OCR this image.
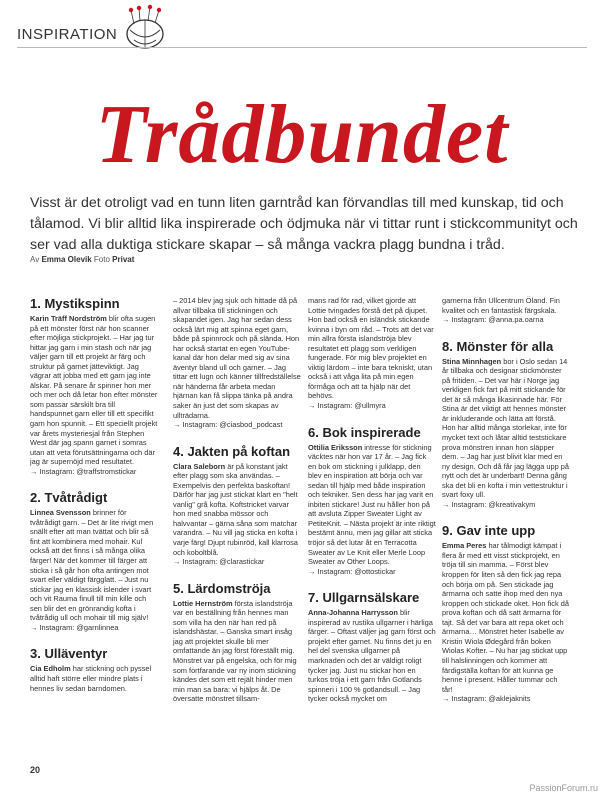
INSPIRATION
Trådbundet
Visst är det otroligt vad en tunn liten garntråd kan förvandlas till med kunskap, tid och tålamod. Vi blir alltid lika inspirerade och ödjmuka när vi tittar runt i stickcommunityt och ser vad alla duktiga stickare skapar – så många vackra plagg bundna i tråd.
Av Emma Olevik Foto Privat
1. Mystikspinn

Karin Träff Nordström blir ofta sugen på ett mönster först när hon scanner efter möjliga stickprojekt. – Har jag tur hittar jag garn i min stash och när jag väljer garn till ett projekt är färg och struktur på garnet jätteviktigt. Jag vägrar att jobba med ett garn jag inte älskar. På senare år spinner hon mer och mer och då letar hon efter mönster som passar särskilt bra till handspunnet garn eller till ett specifikt garn hon spunnit. – Ett speciellt projekt var årets mysteriesjal från Stephen West där jag spann garnet i somras utan att veta förutsättningarna och där jag är supernöjd med resultatet.

→ Instagram: @traffstromstickar

2. Tvåtrådigt

Linnea Svensson brinner för tvåtrådigt garn. – Det är lite rivigt men snällt efter att man tvättat och blir så fint att kombinera med mohair. Kul också att det finns i så många olika färger! När det kommer till färger att sticka i så går hon ofta antingen mot svart eller väldigt färgglatt. – Just nu stickar jag en klassisk islender i svart och vit Rauma finull till min kille och sen blir det en grönrandig kofta i tvåtrådig ull och mohair till mig själv!

→ Instagram: @garnlinnea

3. Ulläventyr

Cia Edholm har stickning och pyssel alltid haft större eller mindre plats i hennes liv sedan barndomen.

– 2014 blev jag sjuk och hittade då på allvar tillbaka till stickningen och skapandet igen. Jag har sedan dess också lärt mig att spinna eget garn, både på spinnrock och på slända. Hon har också startat en egen YouTube-kanal där hon delar med sig av sina äventyr bland ull och garner. – Jag tittar ett lugn och känner tillfredställelse när händerna får arbeta medan hjärnan kan få slippa tänka på andra saker än just det som skapas av ullträdarna.

→ Instagram: @ciasbod_podcast

4. Jakten på koftan

Clara Saleborn är på konstant jakt efter plagg som ska användas. – Exempelvis den perfekta baskoftan! Därför har jag just stickat klart en "helt vanlig" grå kofta. Koftstricket varvar hon med snabba mössor och halvvantar – gärna såna som matchar varandra. – Nu vill jag sticka en kofta i varje färg! Djupt rubinröd, kall klarrosa och koboltblå.

→ Instagram: @clarastickar

5. Lärdomströja

Lottie Hernström första islandströja var en beställning från hennes man som villa ha den när han red på islandshästar. – Ganska smart insåg jag att projektet skulle bli mer omfattande än jag först föreställt mig. Mönstret var på engelska, och för mig som fortfarande var ny inom stickning kändes det som ett rejält hinder men min man sa bara: vi hjälps åt. De översatte mönstret tillsam-

mans rad för rad, vilket gjorde att Lottie tvingades förstå det på djupet. Hon bad också en isländsk stickande kvinna i byn om råd. – Trots att det var min allra första islandströja blev resultatet ett plagg som verkligen fungerade. För mig blev projektet en viktig lärdom – inte bara tekniskt, utan också i att våga lita på min egen förmåga och att ta hjälp när det behövs.

→ Instagram: @ullmyra

6. Bok inspirerade

Ottilia Eriksson intresse för stickning väcktes när hon var 17 år. – Jag fick en bok om stickning i julklapp, den blev en inspiration att börja och var sedan till hjälp med både inspiration och tekniker. Sen dess har jag varit en inbiten stickare! Just nu håller hon på att avsluta Zipper Sweater Light av PetiteKnit. – Nästa projekt är inte riktigt bestämt ännu, men jag gillar att sticka tröjor så det lutar åt en Terracotta Sweater av Le Knit eller Merle Loop Sweater av Other Loops.

→ Instagram: @ottostickar

7. Ullgarnsälskare

Anna-Johanna Harrysson blir inspirerad av rustika ullgarner i härliga färger. – Oftast väljer jag garn först och projekt efter garnet. Nu finns det ju en hel del svenska ullgarner på marknaden och det är väldigt roligt tycker jag. Just nu stickar hon en turkos tröja i ett garn från Gotlands spinneri i 100 % gotlandsull. – Jag tycker också mycket om

garnerna från Ullcentrum Öland. Fin kvalitet och en fantastisk färgskala.

→ Instagram: @anna.pa.oarna

8. Mönster för alla

Stina Minnhagen bor i Oslo sedan 14 år tillbaka och designar stickmönster på fritiden. – Det var här i Norge jag verkligen fick fart på mitt stickande för det är så många likasinnade här. För Stina är det viktigt att hennes mönster är inkluderande och lätta att förstå. Hon har alltid många storlekar, inte för mycket text och låtar alltid teststickare prova mönstren innan hon släpper dem. – Jag har just blivit klar med en ny design. Och då får jag lägga upp på nytt och det är underbart! Denna gång ska det bli en kofta i min vettestruktur i svart foxy ull.

→ Instagram: @kreativakym

9. Gav inte upp

Emma Peres har tålmodigt kämpat i flera år med ett visst stickprojekt, en tröja till sin mamma. – Först blev kroppen för liten så den fick jag repa och börja om på. Sen stickade jag ärmarna och satte ihop med den nya kroppen och stickade oket. Hon fick då prova koftan och då satt ärmarna för tajt. Så det var bara att repa oket och ärmarna… Mönstret heter Isabelle av Kristin Wiola Ødegård från boken Wiolas Kofter. – Nu har jag stickat upp till halslinningen och kommer att färdigställa koftan för att kunna ge henne i present. Håller tummar och tår!

→ Instagram: @aklejaknits

20
PassionForum.ru
